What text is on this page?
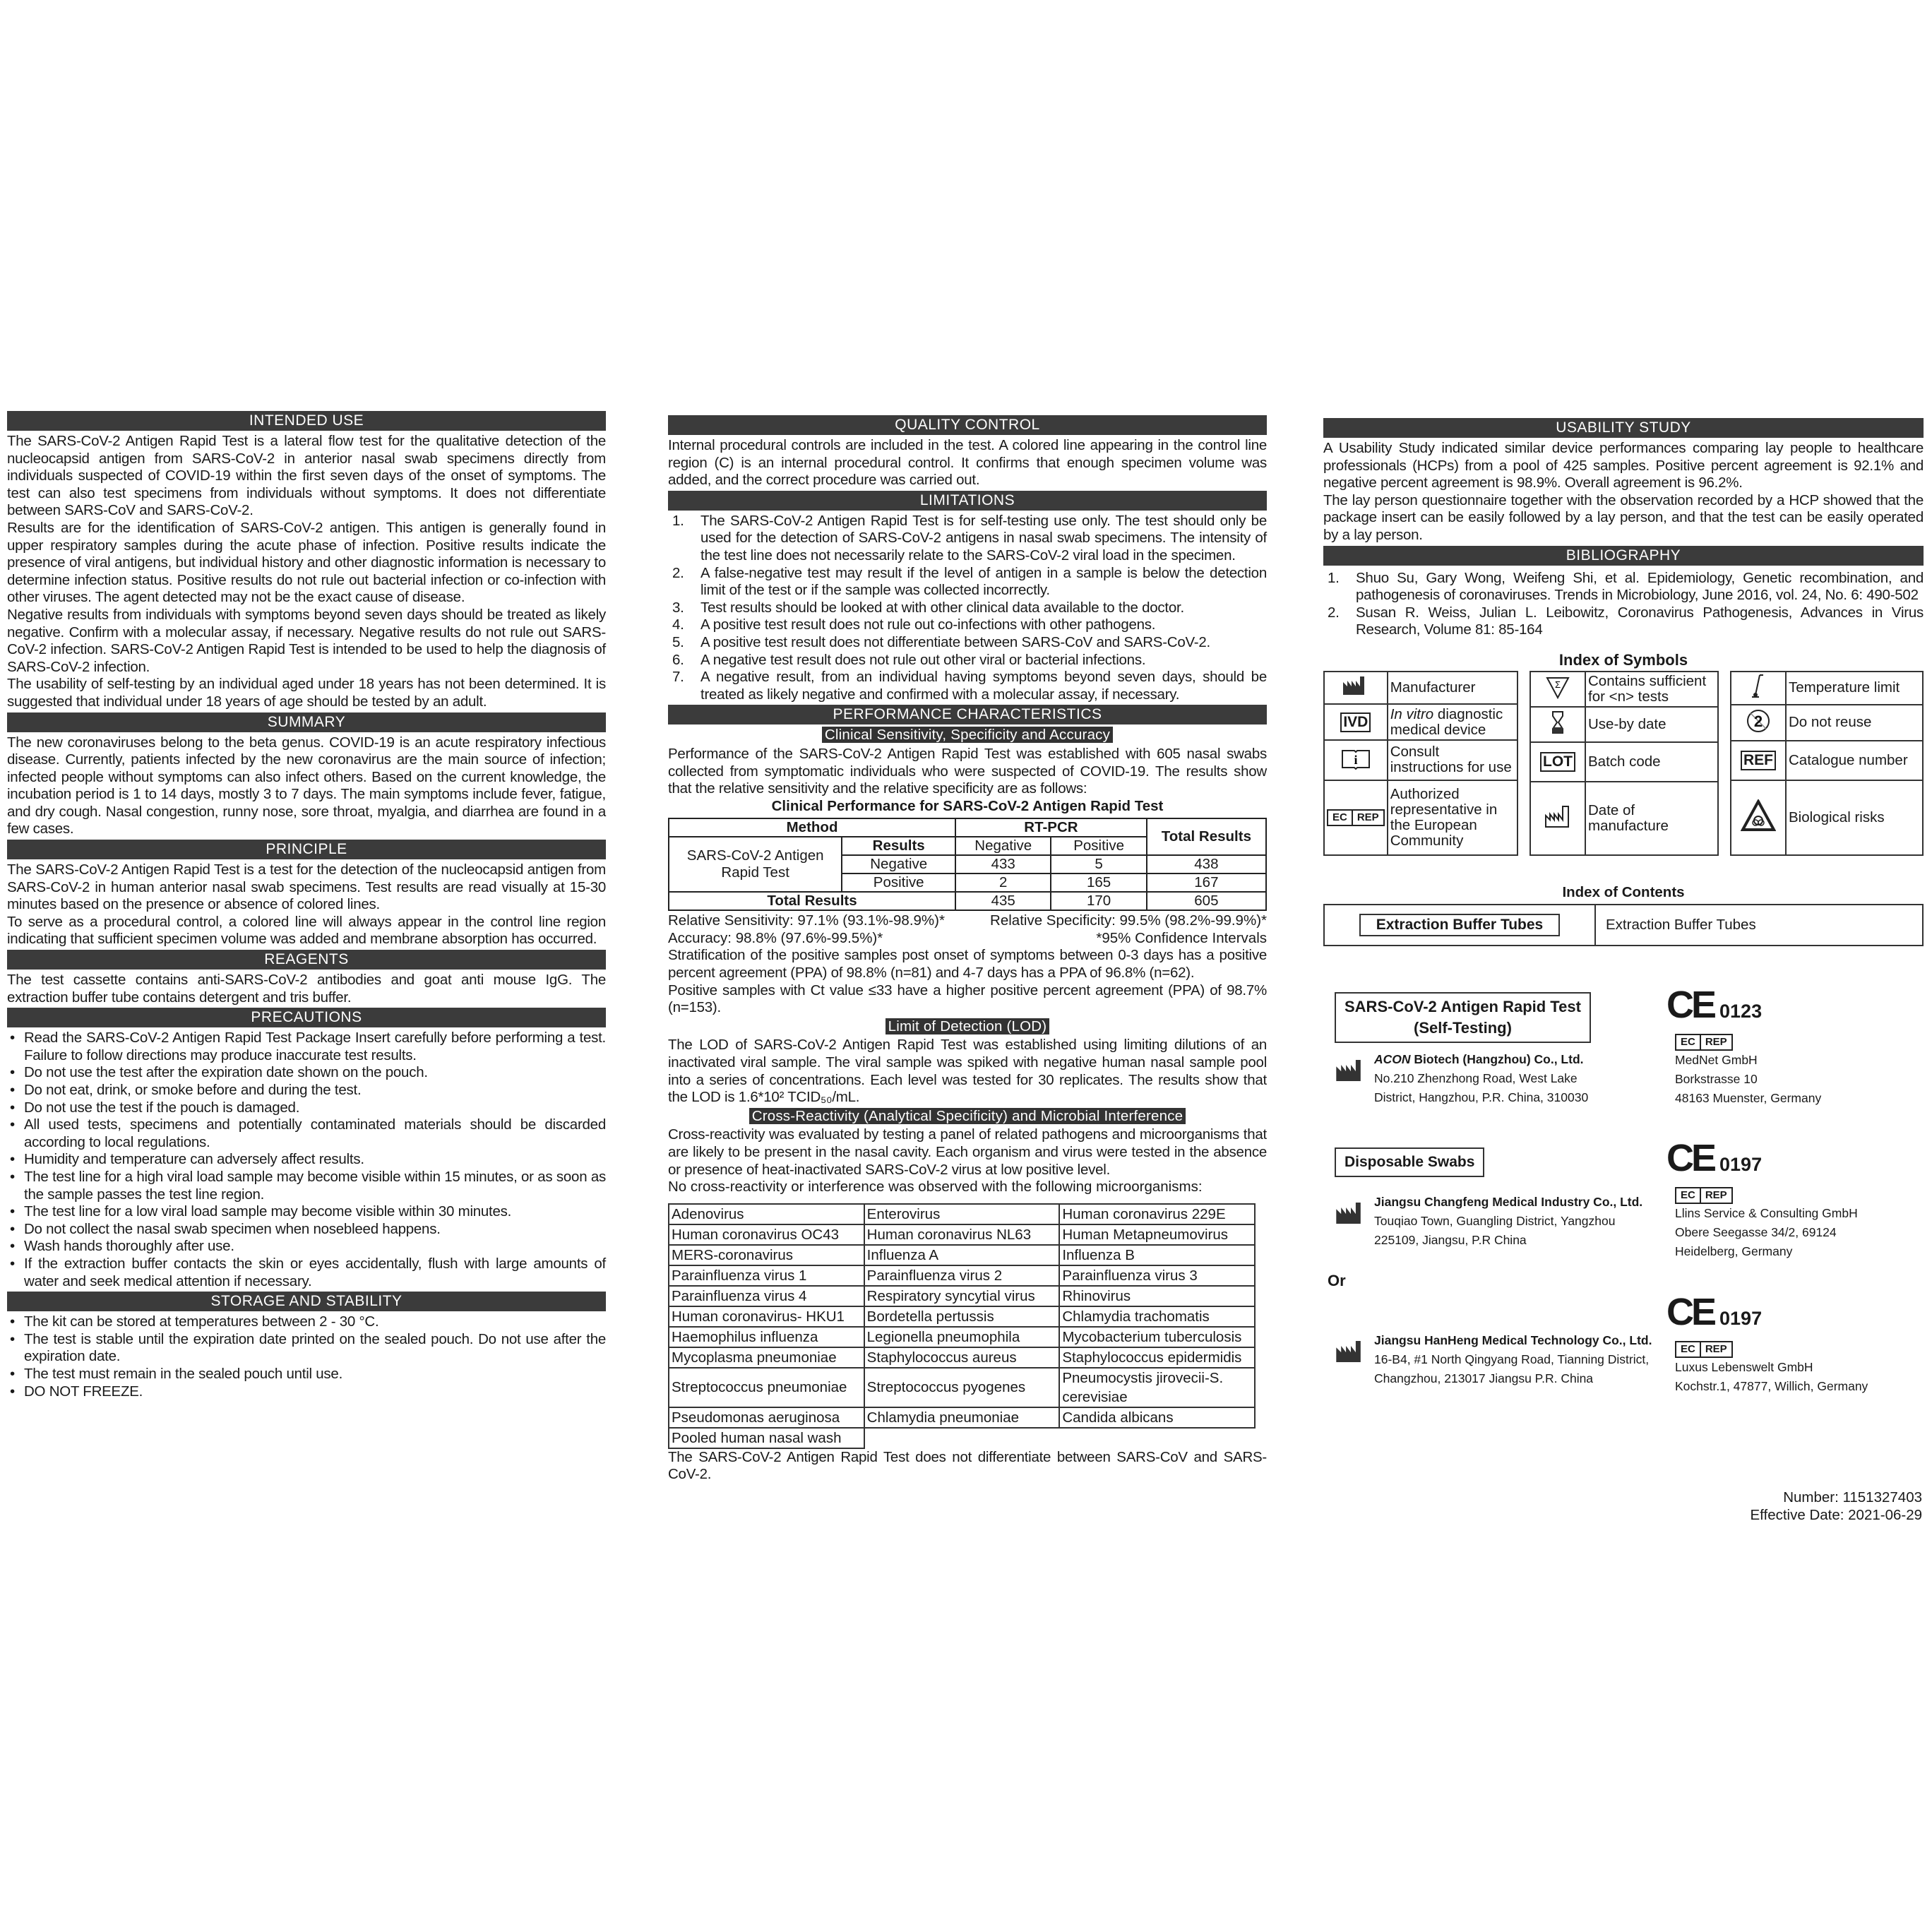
INTENDED USE
The SARS-CoV-2 Antigen Rapid Test is a lateral flow test for the qualitative detection of the nucleocapsid antigen from SARS-CoV-2 in anterior nasal swab specimens directly from individuals suspected of COVID-19 within the first seven days of the onset of symptoms. The test can also test specimens from individuals without symptoms. It does not differentiate between SARS-CoV and SARS-CoV-2.
Results are for the identification of SARS-CoV-2 antigen. This antigen is generally found in upper respiratory samples during the acute phase of infection. Positive results indicate the presence of viral antigens, but individual history and other diagnostic information is necessary to determine infection status. Positive results do not rule out bacterial infection or co-infection with other viruses. The agent detected may not be the exact cause of disease.
Negative results from individuals with symptoms beyond seven days should be treated as likely negative. Confirm with a molecular assay, if necessary. Negative results do not rule out SARS-CoV-2 infection. SARS-CoV-2 Antigen Rapid Test is intended to be used to help the diagnosis of SARS-CoV-2 infection.
The usability of self-testing by an individual aged under 18 years has not been determined. It is suggested that individual under 18 years of age should be tested by an adult.
SUMMARY
The new coronaviruses belong to the beta genus. COVID-19 is an acute respiratory infectious disease. Currently, patients infected by the new coronavirus are the main source of infection; infected people without symptoms can also infect others. Based on the current knowledge, the incubation period is 1 to 14 days, mostly 3 to 7 days. The main symptoms include fever, fatigue, and dry cough. Nasal congestion, runny nose, sore throat, myalgia, and diarrhea are found in a few cases.
PRINCIPLE
The SARS-CoV-2 Antigen Rapid Test is a test for the detection of the nucleocapsid antigen from SARS-CoV-2 in human anterior nasal swab specimens. Test results are read visually at 15-30 minutes based on the presence or absence of colored lines.
To serve as a procedural control, a colored line will always appear in the control line region indicating that sufficient specimen volume was added and membrane absorption has occurred.
REAGENTS
The test cassette contains anti-SARS-CoV-2 antibodies and goat anti mouse IgG. The extraction buffer tube contains detergent and tris buffer.
PRECAUTIONS
• Read the SARS-CoV-2 Antigen Rapid Test Package Insert carefully before performing a test. Failure to follow directions may produce inaccurate test results.
• Do not use the test after the expiration date shown on the pouch.
• Do not eat, drink, or smoke before and during the test.
• Do not use the test if the pouch is damaged.
• All used tests, specimens and potentially contaminated materials should be discarded according to local regulations.
• Humidity and temperature can adversely affect results.
• The test line for a high viral load sample may become visible within 15 minutes, or as soon as the sample passes the test line region.
• The test line for a low viral load sample may become visible within 30 minutes.
• Do not collect the nasal swab specimen when nosebleed happens.
• Wash hands thoroughly after use.
• If the extraction buffer contacts the skin or eyes accidentally, flush with large amounts of water and seek medical attention if necessary.
STORAGE AND STABILITY
• The kit can be stored at temperatures between 2 - 30 °C.
• The test is stable until the expiration date printed on the sealed pouch. Do not use after the expiration date.
• The test must remain in the sealed pouch until use.
• DO NOT FREEZE.
QUALITY CONTROL
Internal procedural controls are included in the test. A colored line appearing in the control line region (C) is an internal procedural control. It confirms that enough specimen volume was added, and the correct procedure was carried out.
LIMITATIONS
1. The SARS-CoV-2 Antigen Rapid Test is for self-testing use only. The test should only be used for the detection of SARS-CoV-2 antigens in nasal swab specimens. The intensity of the test line does not necessarily relate to the SARS-CoV-2 viral load in the specimen.
2. A false-negative test may result if the level of antigen in a sample is below the detection limit of the test or if the sample was collected incorrectly.
3. Test results should be looked at with other clinical data available to the doctor.
4. A positive test result does not rule out co-infections with other pathogens.
5. A positive test result does not differentiate between SARS-CoV and SARS-CoV-2.
6. A negative test result does not rule out other viral or bacterial infections.
7. A negative result, from an individual having symptoms beyond seven days, should be treated as likely negative and confirmed with a molecular assay, if necessary.
PERFORMANCE CHARACTERISTICS
Clinical Sensitivity, Specificity and Accuracy
Performance of the SARS-CoV-2 Antigen Rapid Test was established with 605 nasal swabs collected from symptomatic individuals who were suspected of COVID-19. The results show that the relative sensitivity and the relative specificity are as follows:
Clinical Performance for SARS-CoV-2 Antigen Rapid Test
Method		RT-PCR		Total Results
SARS-CoV-2 Antigen Rapid Test	Results	Negative	Positive	
	Negative	433	5	438
	Positive	2	165	167
Total Results		435	170	605
Relative Sensitivity: 97.1% (93.1%-98.9%)*	Relative Specificity: 99.5% (98.2%-99.9%)*
Accuracy: 98.8% (97.6%-99.5%)*	*95% Confidence Intervals
Stratification of the positive samples post onset of symptoms between 0-3 days has a positive percent agreement (PPA) of 98.8% (n=81) and 4-7 days has a PPA of 96.8% (n=62).
Positive samples with Ct value ≤33 have a higher positive percent agreement (PPA) of 98.7% (n=153).
Limit of Detection (LOD)
The LOD of SARS-CoV-2 Antigen Rapid Test was established using limiting dilutions of an inactivated viral sample. The viral sample was spiked with negative human nasal sample pool into a series of concentrations. Each level was tested for 30 replicates. The results show that the LOD is 1.6*10² TCID₅₀/mL.
Cross-Reactivity (Analytical Specificity) and Microbial Interference
Cross-reactivity was evaluated by testing a panel of related pathogens and microorganisms that are likely to be present in the nasal cavity. Each organism and virus were tested in the absence or presence of heat-inactivated SARS-CoV-2 virus at low positive level.
No cross-reactivity or interference was observed with the following microorganisms:
Adenovirus	Enterovirus	Human coronavirus 229E
Human coronavirus OC43	Human coronavirus NL63	Human Metapneumovirus
MERS-coronavirus	Influenza A	Influenza B
Parainfluenza virus 1	Parainfluenza virus 2	Parainfluenza virus 3
Parainfluenza virus 4	Respiratory syncytial virus	Rhinovirus
Human coronavirus- HKU1	Bordetella pertussis	Chlamydia trachomatis
Haemophilus influenza	Legionella pneumophila	Mycobacterium tuberculosis
Mycoplasma pneumoniae	Staphylococcus aureus	Staphylococcus epidermidis
Streptococcus pneumoniae	Streptococcus pyogenes	Pneumocystis jirovecii-S. cerevisiae
Pseudomonas aeruginosa	Chlamydia pneumoniae	Candida albicans
Pooled human nasal wash		
The SARS-CoV-2 Antigen Rapid Test does not differentiate between SARS-CoV and SARS-CoV-2.
USABILITY STUDY
A Usability Study indicated similar device performances comparing lay people to healthcare professionals (HCPs) from a pool of 425 samples. Positive percent agreement is 92.1% and negative percent agreement is 98.9%. Overall agreement is 96.2%.
The lay person questionnaire together with the observation recorded by a HCP showed that the package insert can be easily followed by a lay person, and that the test can be easily operated by a lay person.
BIBLIOGRAPHY
1. Shuo Su, Gary Wong, Weifeng Shi, et al. Epidemiology, Genetic recombination, and pathogenesis of coronaviruses. Trends in Microbiology, June 2016, vol. 24, No. 6: 490-502
2. Susan R. Weiss, Julian L. Leibowitz, Coronavirus Pathogenesis, Advances in Virus Research, Volume 81: 85-164
Index of Symbols
	Manufacturer
IVD	In vitro diagnostic medical device

i	Consult instructions for use

EC REP	Authorized representative in the European Community
Σ	Contains sufficient for <n> tests
	Use-by date
LOT	Batch code
	Date of manufacture
	Temperature limit

2	Do not reuse
REF	Catalogue number
	Biological risks
Index of Contents
Extraction Buffer Tubes	Extraction Buffer Tubes
SARS-CoV-2 Antigen Rapid Test
(Self-Testing)
ACON Biotech (Hangzhou) Co., Ltd.
No.210 Zhenzhong Road, West Lake
District, Hangzhou, P.R. China, 310030
CE 0123
EC REP
MedNet GmbH
Borkstrasse 10
48163 Muenster, Germany
Disposable Swabs
Jiangsu Changfeng Medical Industry Co., Ltd.
Touqiao Town, Guangling District, Yangzhou
225109, Jiangsu, P.R China
CE 0197
EC REP
Llins Service & Consulting GmbH
Obere Seegasse 34/2, 69124
Heidelberg, Germany
Or
Jiangsu HanHeng Medical Technology Co., Ltd.
16-B4, #1 North Qingyang Road, Tianning District,
Changzhou, 213017 Jiangsu P.R. China
CE 0197
EC REP
Luxus Lebenswelt GmbH
Kochstr.1, 47877, Willich, Germany
Number: 1151327403
Effective Date: 2021-06-29
